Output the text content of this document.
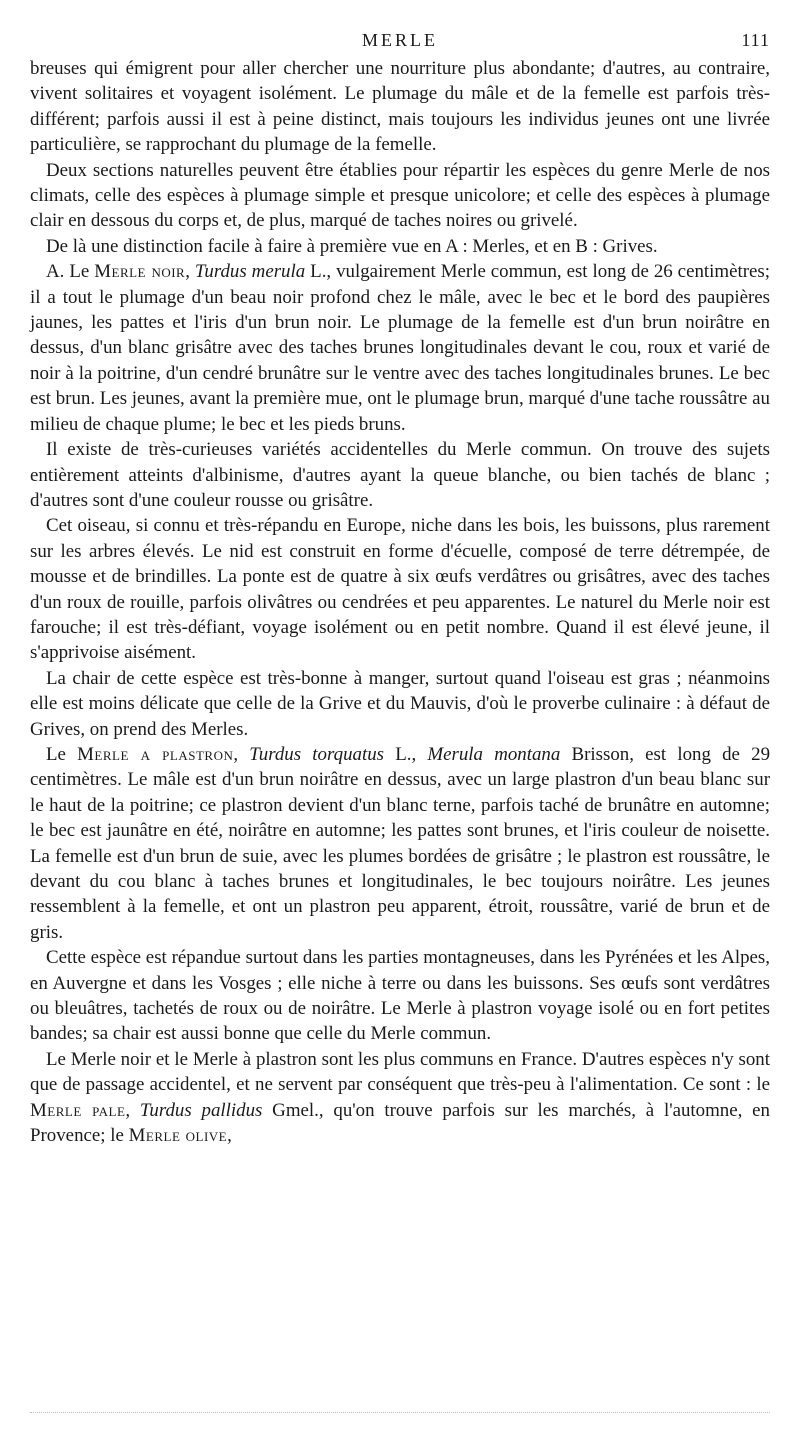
MERLE	111

breuses qui émigrent pour aller chercher une nourriture plus abondante; d'autres, au contraire, vivent solitaires et voyagent isolément. Le plumage du mâle et de la femelle est parfois très-différent; parfois aussi il est à peine distinct, mais toujours les individus jeunes ont une livrée particulière, se rapprochant du plumage de la femelle.

Deux sections naturelles peuvent être établies pour répartir les espèces du genre Merle de nos climats, celle des espèces à plumage simple et presque unicolore; et celle des espèces à plumage clair en dessous du corps et, de plus, marqué de taches noires ou grivelé.

De là une distinction facile à faire à première vue en A : Merles, et en B : Grives.

A. Le Merle noir, Turdus merula L., vulgairement Merle commun, est long de 26 centimètres; il a tout le plumage d'un beau noir profond chez le mâle, avec le bec et le bord des paupières jaunes, les pattes et l'iris d'un brun noir. Le plumage de la femelle est d'un brun noirâtre en dessus, d'un blanc grisâtre avec des taches brunes longitudinales devant le cou, roux et varié de noir à la poitrine, d'un cendré brunâtre sur le ventre avec des taches longitudinales brunes. Le bec est brun. Les jeunes, avant la première mue, ont le plumage brun, marqué d'une tache roussâtre au milieu de chaque plume; le bec et les pieds bruns.

Il existe de très-curieuses variétés accidentelles du Merle commun. On trouve des sujets entièrement atteints d'albinisme, d'autres ayant la queue blanche, ou bien tachés de blanc ; d'autres sont d'une couleur rousse ou grisâtre.

Cet oiseau, si connu et très-répandu en Europe, niche dans les bois, les buissons, plus rarement sur les arbres élevés. Le nid est construit en forme d'écuelle, composé de terre détrempée, de mousse et de brindilles. La ponte est de quatre à six œufs verdâtres ou grisâtres, avec des taches d'un roux de rouille, parfois olivâtres ou cendrées et peu apparentes. Le naturel du Merle noir est farouche; il est très-défiant, voyage isolément ou en petit nombre. Quand il est élevé jeune, il s'apprivoise aisément.

La chair de cette espèce est très-bonne à manger, surtout quand l'oiseau est gras ; néanmoins elle est moins délicate que celle de la Grive et du Mauvis, d'où le proverbe culinaire : à défaut de Grives, on prend des Merles.

Le Merle a plastron, Turdus torquatus L., Merula montana Brisson, est long de 29 centimètres. Le mâle est d'un brun noirâtre en dessus, avec un large plastron d'un beau blanc sur le haut de la poitrine; ce plastron devient d'un blanc terne, parfois taché de brunâtre en automne; le bec est jaunâtre en été, noirâtre en automne; les pattes sont brunes, et l'iris couleur de noisette. La femelle est d'un brun de suie, avec les plumes bordées de grisâtre ; le plastron est roussâtre, le devant du cou blanc à taches brunes et longitudinales, le bec toujours noirâtre. Les jeunes ressemblent à la femelle, et ont un plastron peu apparent, étroit, roussâtre, varié de brun et de gris.

Cette espèce est répandue surtout dans les parties montagneuses, dans les Pyrénées et les Alpes, en Auvergne et dans les Vosges ; elle niche à terre ou dans les buissons. Ses œufs sont verdâtres ou bleuâtres, tachetés de roux ou de noirâtre. Le Merle à plastron voyage isolé ou en fort petites bandes; sa chair est aussi bonne que celle du Merle commun.

Le Merle noir et le Merle à plastron sont les plus communs en France. D'autres espèces n'y sont que de passage accidentel, et ne servent par conséquent que très-peu à l'alimentation. Ce sont : le Merle pale, Turdus pallidus Gmel., qu'on trouve parfois sur les marchés, à l'automne, en Provence; le Merle olive,
